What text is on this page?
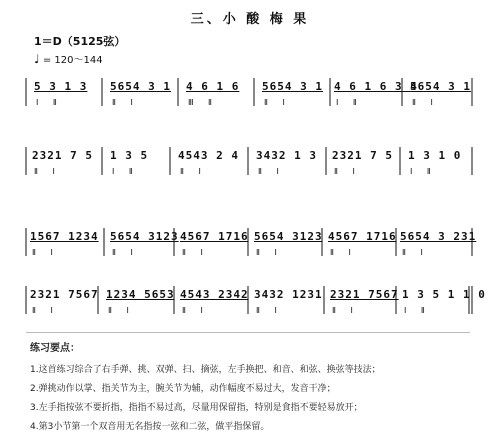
三、小 酸 梅 果
1＝D（5125弦）
♩ = 120～144
5 3 1 3 5654 3 1 4 6 1 6 5654 3 1 4 6 1 6 3 4
5654 3 1
Ⅰ Ⅱ	Ⅱ Ⅰ	Ⅲ Ⅱ	Ⅱ Ⅰ	Ⅰ Ⅱ	Ⅱ Ⅰ
2321 7 5 1 3 5	4543 2 4 3432 1 3 2321 7 5 1 3 1 0
Ⅱ Ⅰ	Ⅰ Ⅱ	Ⅱ Ⅰ	Ⅱ Ⅰ	Ⅱ Ⅰ	Ⅰ Ⅱ
1567 1234 5654 3123 4567 1716 5654 3123 4567 1716 5654 3 231
Ⅱ Ⅰ	Ⅱ Ⅰ	Ⅱ Ⅰ	Ⅱ Ⅰ	Ⅱ Ⅰ	Ⅱ Ⅰ
2321 7567 1234 5653 4543 2342 3432 1231 2321 7567 1 3 5 1 1 0
Ⅱ Ⅰ	Ⅱ Ⅰ	Ⅱ Ⅰ	Ⅱ Ⅰ	Ⅱ Ⅰ	Ⅰ Ⅱ
练习要点：
1.这首练习综合了右手弹、挑、双弹、扫、摘弦，左手换把、和音、和弦、换弦等技法；
2.弹挑动作以掌、指关节为主，腕关节为辅，动作幅度不易过大，发音干净；
3.左手指按弦不要折指，指指不易过高，尽量用保留指，特别是食指不要轻易放开；
4.第3小节第一个双音用无名指按一弦和二弦，做平指保留。
